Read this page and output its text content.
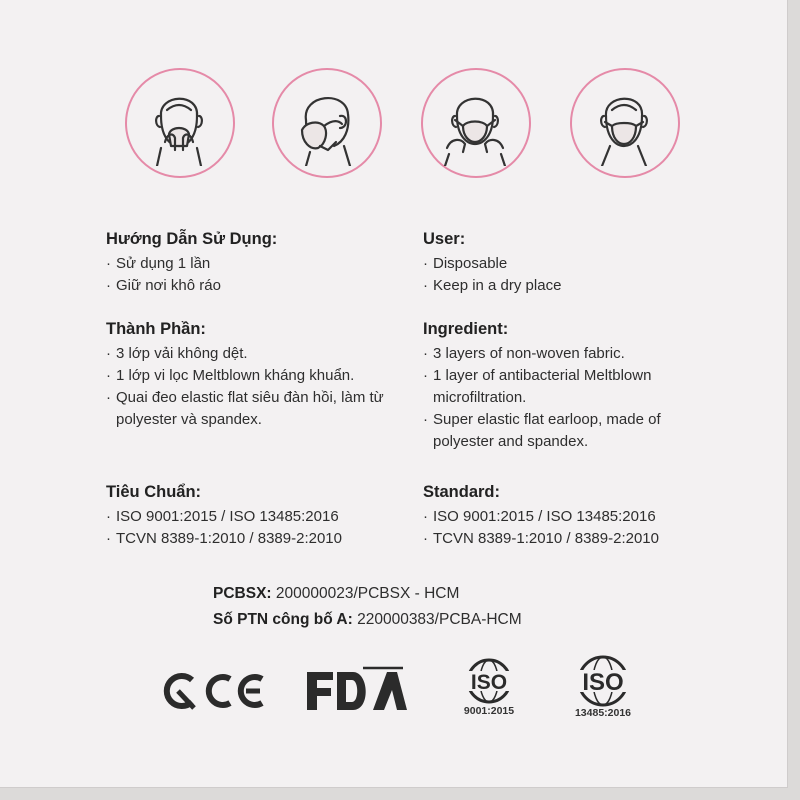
Hướng Dẫn Sử Dụng:
· Sử dụng 1 lần
· Giữ nơi khô ráo
Thành Phần:
· 3 lớp vải không dệt.
· 1 lớp vi lọc Meltblown kháng khuẩn.
· Quai đeo elastic flat siêu đàn hồi, làm từ polyester và spandex.
Tiêu Chuẩn:
· ISO 9001:2015 / ISO 13485:2016
· TCVN 8389-1:2010 / 8389-2:2010
User:
· Disposable
· Keep in a dry place
Ingredient:
· 3 layers of non-woven fabric.
· 1 layer of antibacterial Meltblown microfiltration.
· Super elastic flat earloop, made of polyester and spandex.
Standard:
· ISO 9001:2015 / ISO 13485:2016
· TCVN 8389-1:2010 / 8389-2:2010
PCBSX: 200000023/PCBSX - HCM
Số PTN công bố A: 220000383/PCBA-HCM
ISO
9001:2015
ISO
13485:2016
